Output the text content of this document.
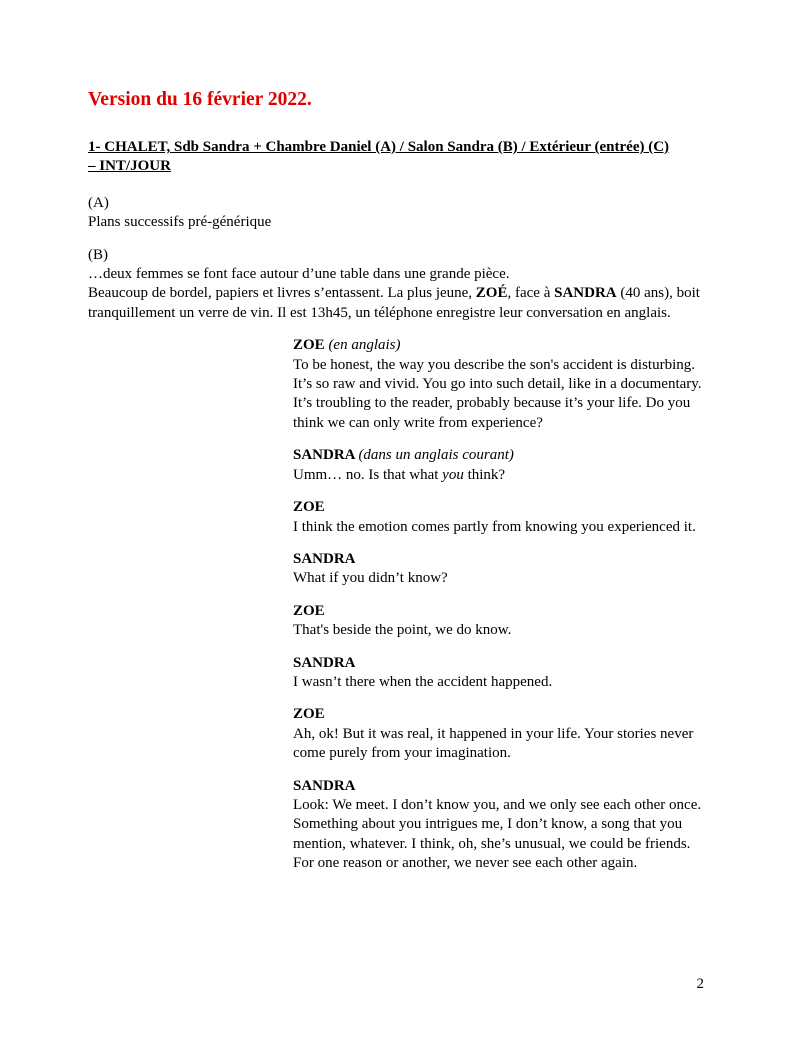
Version du 16 février 2022.
1- CHALET, Sdb Sandra + Chambre Daniel (A) / Salon Sandra (B) / Extérieur (entrée) (C)
– INT/JOUR
(A)
Plans successifs pré-générique
(B)
…deux femmes se font face autour d’une table dans une grande pièce.
Beaucoup de bordel, papiers et livres s’entassent. La plus jeune, ZOÉ, face à SANDRA (40 ans), boit tranquillement un verre de vin. Il est 13h45, un téléphone enregistre leur conversation en anglais.
ZOE (en anglais)
To be honest, the way you describe the son's accident is disturbing. It’s so raw and vivid. You go into such detail, like in a documentary. It’s troubling to the reader, probably because it’s your life. Do you think we can only write from experience?
SANDRA (dans un anglais courant)
Umm… no. Is that what you think?
ZOE
I think the emotion comes partly from knowing you experienced it.
SANDRA
What if you didn’t know?
ZOE
That's beside the point, we do know.
SANDRA
I wasn’t there when the accident happened.
ZOE
Ah, ok! But it was real, it happened in your life. Your stories never come purely from your imagination.
SANDRA
Look: We meet. I don’t know you, and we only see each other once. Something about you intrigues me, I don’t know, a song that you mention, whatever. I think, oh, she’s unusual, we could be friends. For one reason or another, we never see each other again.
2
